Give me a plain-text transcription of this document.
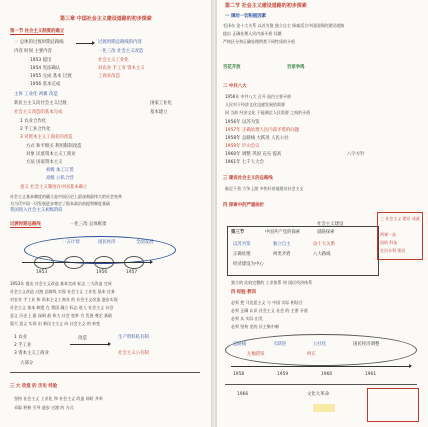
第三章 中国社会主义建设道路的初步探索
第一节 社会主义制度的确立
一 总体的过渡时期总路线	过渡时期总路线的内容
内容 时间 主要内容	一化三改 社会主义改造
1953 提出	社会主义工业化
1954 宪法确认	对农业 手工业 资本主义
1955 完成 基本 过渡	工商业改造
1956 基本完成
主体 工业化 两翼 改造
新民主主义向社会主义过渡	国家工业化
社会主义改造的基本完成	基本建立
1 农业合作化
2 手工业合作化
3 对资本主义工商业的改造
方式 和平赎买 利用限制改造
对象 民族资本主义工商业
方法 国家资本主义
初级 加工订货
高级 公私合营
意义 社会主义制度在中国基本确立
社会主义基本制度的确立是中国历史上最深刻最伟大的社会变革
为当代中国一切发展进步奠定了根本政治前提和制度基础
我国进入社会主义初级阶段
过渡时期总路线	一化三改 总体框架
一五计划	国民经济	全面发展
1953	1956	1957
1953年 提出 社会主义改造 基本完成 标志 三大改造 完成
社会主义改造 过渡 总路线 实现 社会主义 工业化 基本 任务
对农业 手工业 和 资本主义工商业 的 社会主义改造 逐步实现
社会主义 基本 制度 在 我国 确立 标志 进入 社会主义 社会
意义 历史上 最 深刻 最 伟大 社会 变革 为 发展 奠定 基础
重大 意义 实现 由 新民主主义 向 社会主义 的 转变
1 农业
2 手工业
3 资本主义工商业
生产资料私有制
社会主义公有制
改造
大部分
三 大 改造 的 历史 经验
坚持 社会主义 工业化 和 社会主义 改造 同时 并举
采取 积极 引导 逐步 过渡 的 方式
第二节 社会主义建设道路的初步探索
一 调动一切积极因素
毛泽东 论十大关系 以苏为鉴 独立自主 探索适合中国国情的建设道路
提出 正确处理人民内部矛盾 问题
严格区分和正确处理两类不同性质的矛盾
百花齐放	百家争鸣
二 中共八大
1956年 中共八大 召开 国内主要矛盾
人民对于经济文化迅速发展的需要
同 当前 经济文化 不能满足人民需要 之间的矛盾
1956年 以苏为鉴
1957年 正确处理人民内部矛盾的问题
1958年 总路线 大跃进 人民公社
1959年 庐山会议
1960年 调整 巩固 充实 提高	八字方针
1961年 七千人大会
三 建设社会主义的总路线
鼓足干劲 力争上游 多快好省地建设社会主义
四 探索中的严重曲折
第三节	中国共产党的探索
社会主义建设
道路探索
以苏为鉴	独立自主	论十大关系
正确处理	两类矛盾	八大路线
经济建设为中心
三 社会主义 建设 成就
两弹一星
国防 科技
农田水利 建设
独立的 比较完整的 工业体系 和 国民经济体系
四 经验 教训
必须 把 马克思主义 与 中国 实际 相结合
必须 正确 认识 社会主义 社会 的 主要 矛盾
必须 从 实际 出发
必须 坚持 党的 民主集中制
1958	1959	1960	1961
总路线	大跃进	公社化	国民经济调整
左倾错误	纠正
1966	文化大革命
